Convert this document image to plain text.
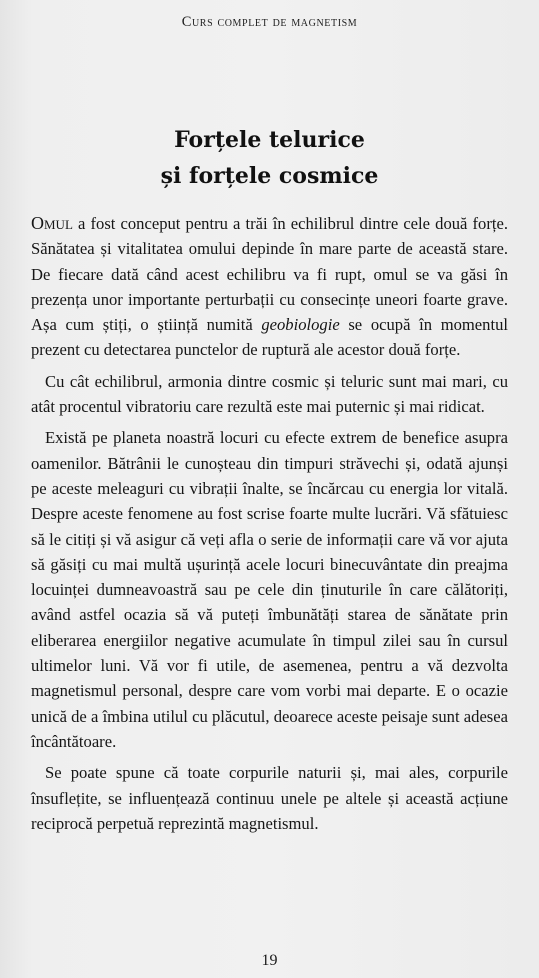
Curs complet de magnetism
Forțele telurice
și forțele cosmice

Omul a fost conceput pentru a trăi în echilibrul dintre cele două forțe. Sănătatea și vitalitatea omului depinde în mare parte de această stare. De fiecare dată când acest echilibru va fi rupt, omul se va găsi în prezența unor importante perturbații cu consecințe uneori foarte grave. Așa cum știți, o știință numită geobiologie se ocupă în momentul prezent cu detectarea punctelor de ruptură ale acestor două forțe.

Cu cât echilibrul, armonia dintre cosmic și teluric sunt mai mari, cu atât procentul vibratoriu care rezultă este mai puternic și mai ridicat.

Există pe planeta noastră locuri cu efecte extrem de benefice asupra oamenilor. Bătrânii le cunoșteau din timpuri străvechi și, odată ajunși pe aceste meleaguri cu vibrații înalte, se încărcau cu energia lor vitală. Despre aceste fenomene au fost scrise foarte multe lucrări. Vă sfătuiesc să le citiți și vă asigur că veți afla o serie de informații care vă vor ajuta să găsiți cu mai multă ușurință acele locuri binecuvântate din preajma locuinței dumneavoastră sau pe cele din ținuturile în care călătoriți, având astfel ocazia să vă puteți îmbunătăți starea de sănătate prin eliberarea energiilor negative acumulate în timpul zilei sau în cursul ultimelor luni. Vă vor fi utile, de asemenea, pentru a vă dezvolta magnetismul personal, despre care vom vorbi mai departe. E o ocazie unică de a îmbina utilul cu plăcutul, deoarece aceste peisaje sunt adesea încântătoare.

Se poate spune că toate corpurile naturii și, mai ales, corpurile însuflețite, se influențează continuu unele pe altele și această acțiune reciprocă perpetuă reprezintă magnetismul.

19
